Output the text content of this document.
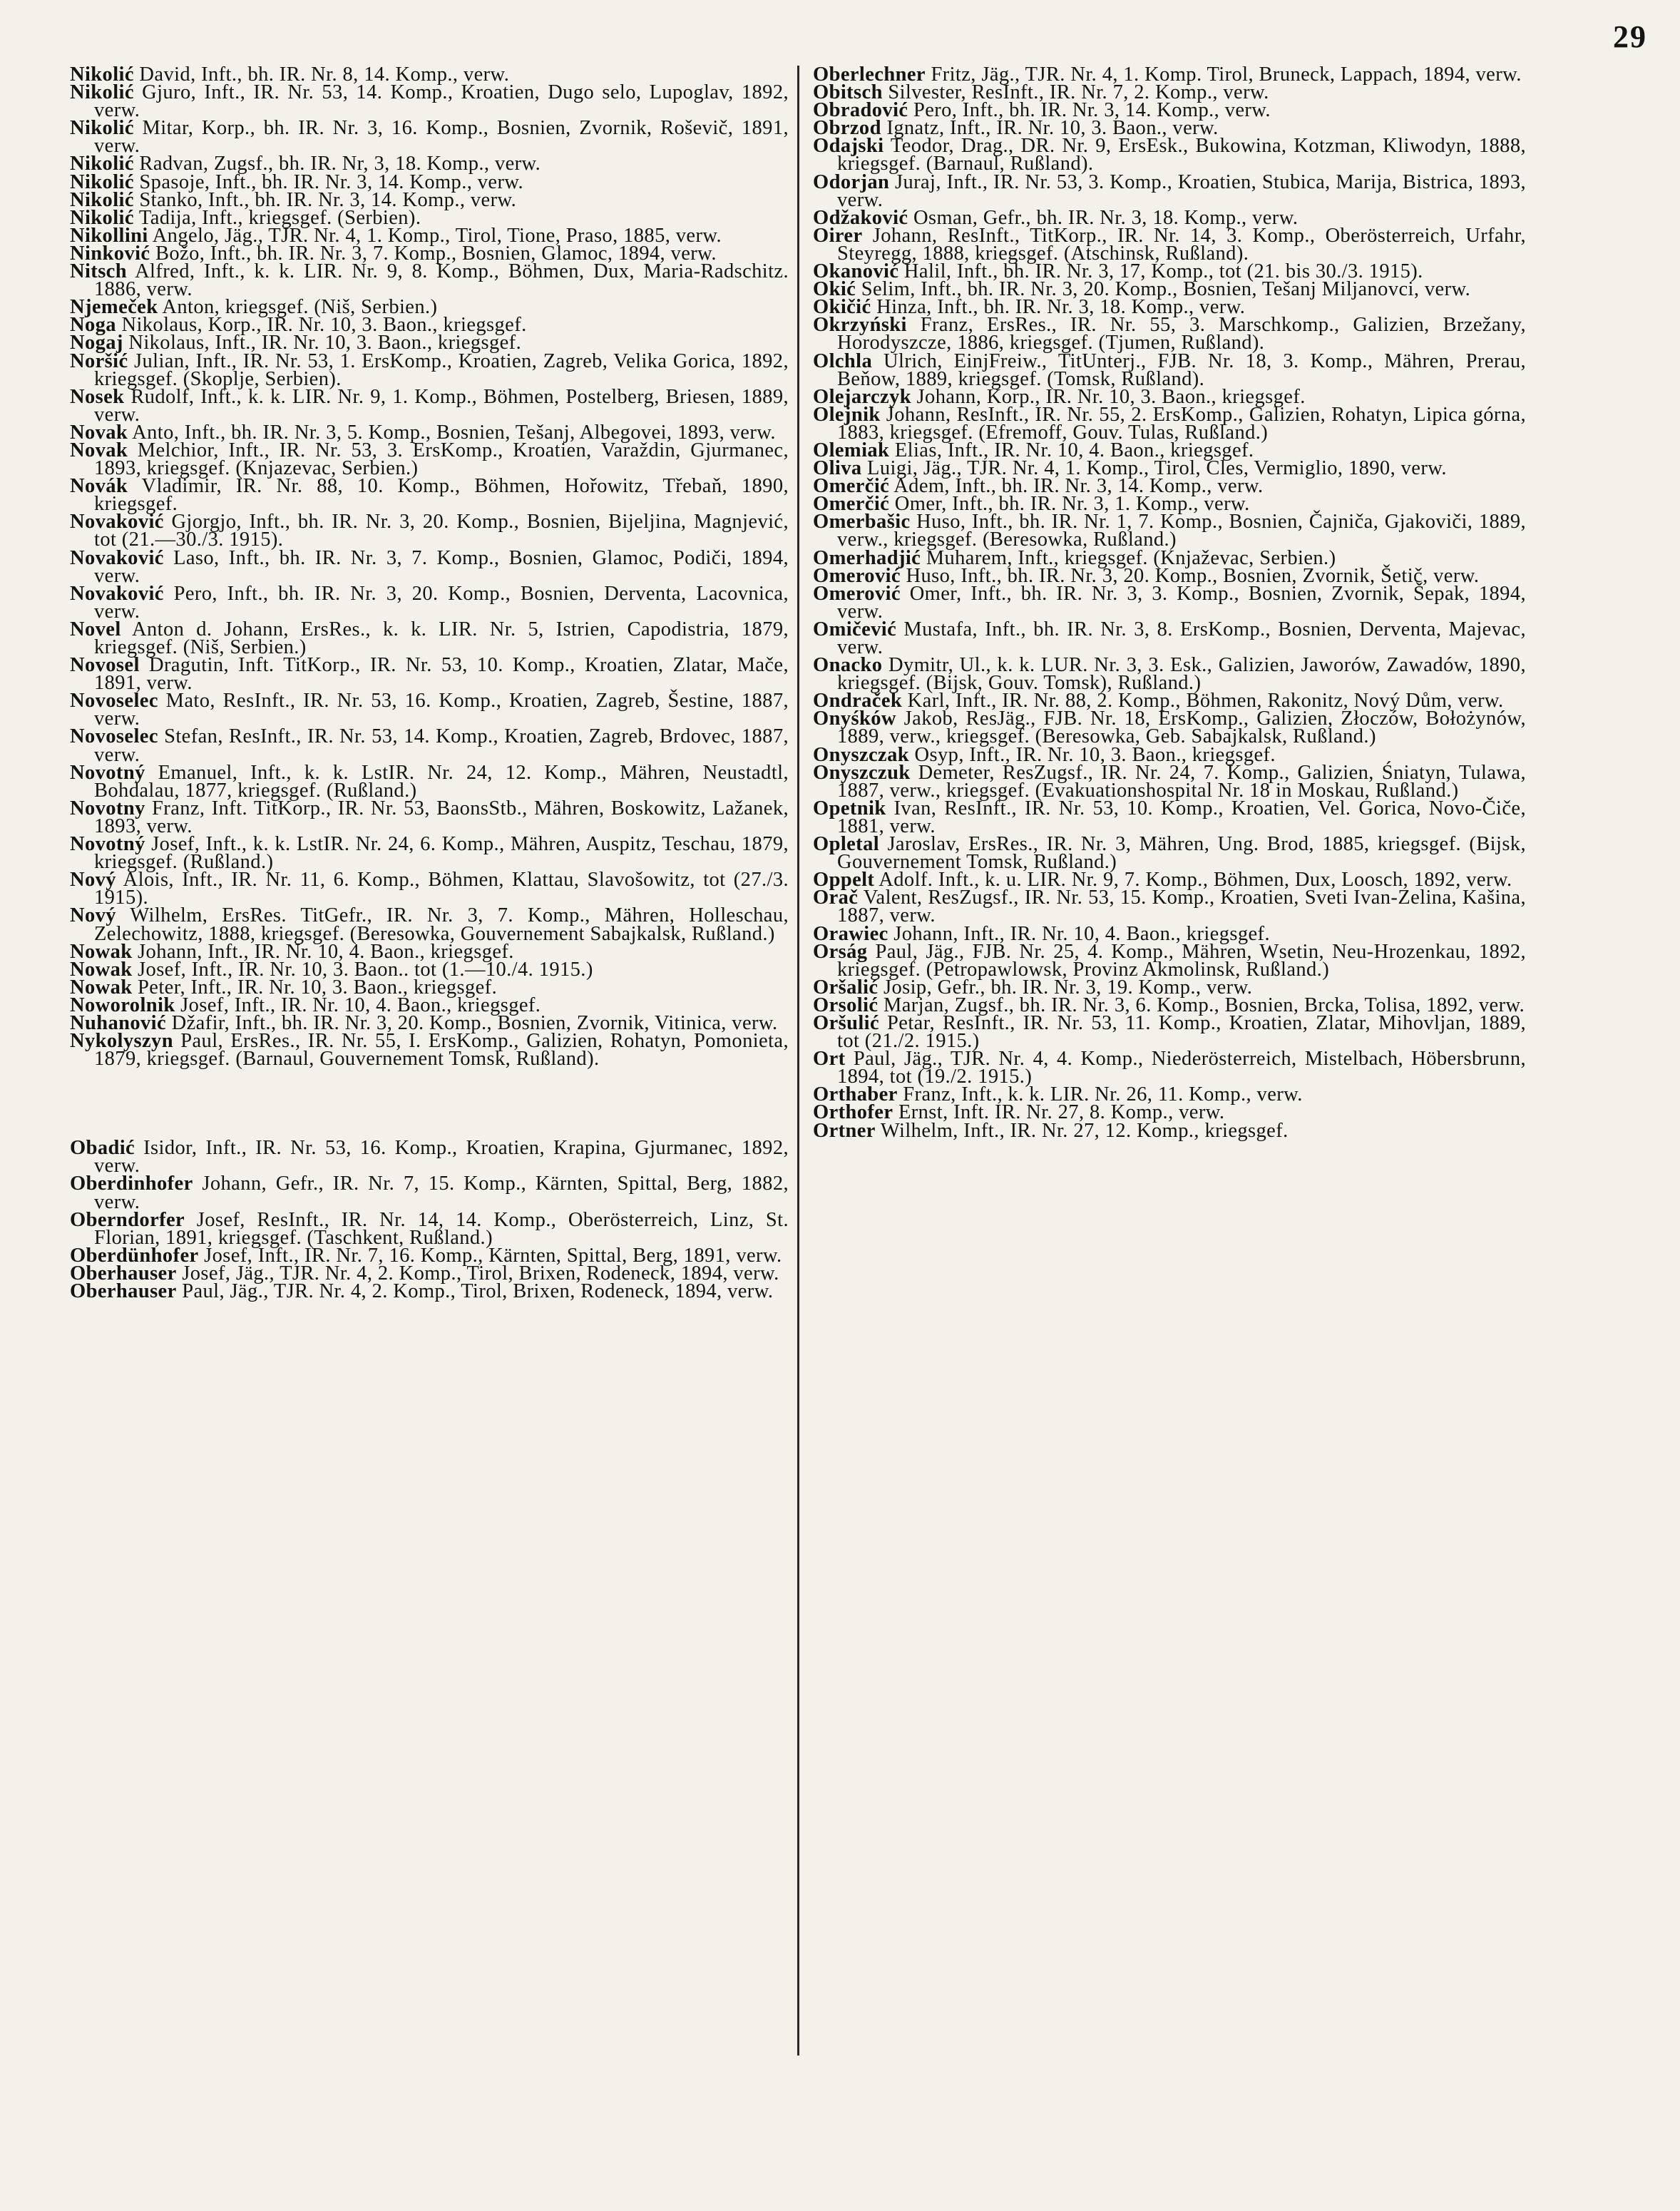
29

Nikolić David, Inft., bh. IR. Nr. 8, 14. Komp., verw.

Nikolić Gjuro, Inft., IR. Nr. 53, 14. Komp., Kroatien, Dugo selo, Lupoglav, 1892, verw.

Nikolić Mitar, Korp., bh. IR. Nr. 3, 16. Komp., Bosnien, Zvornik, Roševič, 1891, verw.

Nikolić Radvan, Zugsf., bh. IR. Nr, 3, 18. Komp., verw.

Nikolić Spasoje, Inft., bh. IR. Nr. 3, 14. Komp., verw.

Nikolić Stanko, Inft., bh. IR. Nr. 3, 14. Komp., verw.

Nikolić Tadija, Inft., kriegsgef. (Serbien).

Nikollini Angelo, Jäg., TJR. Nr. 4, 1. Komp., Tirol, Tione, Praso, 1885, verw.

Ninković Božo, Inft., bh. IR. Nr. 3, 7. Komp., Bosnien, Glamoc, 1894, verw.

Nitsch Alfred, Inft., k. k. LIR. Nr. 9, 8. Komp., Böhmen, Dux, Maria-Radschitz. 1886, verw.

Njemeček Anton, kriegsgef. (Niš, Serbien.)

Noga Nikolaus, Korp., IR. Nr. 10, 3. Baon., kriegsgef.

Nogaj Nikolaus, Inft., IR. Nr. 10, 3. Baon., kriegsgef.

Noršić Julian, Inft., IR. Nr. 53, 1. ErsKomp., Kroatien, Zagreb, Velika Gorica, 1892, kriegsgef. (Skoplje, Serbien).

Nosek Rudolf, Inft., k. k. LIR. Nr. 9, 1. Komp., Böhmen, Postelberg, Briesen, 1889, verw.

Novak Anto, Inft., bh. IR. Nr. 3, 5. Komp., Bosnien, Tešanj, Albegovei, 1893, verw.

Novak Melchior, Inft., IR. Nr. 53, 3. ErsKomp., Kroatien, Varaždin, Gjurmanec, 1893, kriegsgef. (Knjazevac, Serbien.)

Novák Vladimir, IR. Nr. 88, 10. Komp., Böhmen, Hořowitz, Třebaň, 1890, kriegsgef.

Novaković Gjorgjo, Inft., bh. IR. Nr. 3, 20. Komp., Bosnien, Bijeljina, Magnjević, tot (21.—30./3. 1915).

Novaković Laso, Inft., bh. IR. Nr. 3, 7. Komp., Bosnien, Glamoc, Podiči, 1894, verw.

Novaković Pero, Inft., bh. IR. Nr. 3, 20. Komp., Bosnien, Derventa, Lacovnica, verw.

Novel Anton d. Johann, ErsRes., k. k. LIR. Nr. 5, Istrien, Capodistria, 1879, kriegsgef. (Niš, Serbien.)

Novosel Dragutin, Inft. TitKorp., IR. Nr. 53, 10. Komp., Kroatien, Zlatar, Mače, 1891, verw.

Novoselec Mato, ResInft., IR. Nr. 53, 16. Komp., Kroatien, Zagreb, Šestine, 1887, verw.

Novoselec Stefan, ResInft., IR. Nr. 53, 14. Komp., Kroatien, Zagreb, Brdovec, 1887, verw.

Novotný Emanuel, Inft., k. k. LstIR. Nr. 24, 12. Komp., Mähren, Neustadtl, Bohdalau, 1877, kriegsgef. (Rußland.)

Novotny Franz, Inft. TitKorp., IR. Nr. 53, BaonsStb., Mähren, Boskowitz, Lažanek, 1893, verw.

Novotný Josef, Inft., k. k. LstIR. Nr. 24, 6. Komp., Mähren, Auspitz, Teschau, 1879, kriegsgef. (Rußland.)

Nový Alois, Inft., IR. Nr. 11, 6. Komp., Böhmen, Klattau, Slavošowitz, tot (27./3. 1915).

Nový Wilhelm, ErsRes. TitGefr., IR. Nr. 3, 7. Komp., Mähren, Holleschau, Zelechowitz, 1888, kriegsgef. (Beresowka, Gouvernement Sabajkalsk, Rußland.)

Nowak Johann, Inft., IR. Nr. 10, 4. Baon., kriegsgef.

Nowak Josef, Inft., IR. Nr. 10, 3. Baon.. tot (1.—10./4. 1915.)

Nowak Peter, Inft., IR. Nr. 10, 3. Baon., kriegsgef.

Noworolnik Josef, Inft., IR. Nr. 10, 4. Baon., kriegsgef.

Nuhanović Džafir, Inft., bh. IR. Nr. 3, 20. Komp., Bosnien, Zvornik, Vitinica, verw.

Nykolyszyn Paul, ErsRes., IR. Nr. 55, I. ErsKomp., Galizien, Rohatyn, Pomonieta, 1879, kriegsgef. (Barnaul, Gouvernement Tomsk, Rußland).

Obadić Isidor, Inft., IR. Nr. 53, 16. Komp., Kroatien, Krapina, Gjurmanec, 1892, verw.

Oberdinhofer Johann, Gefr., IR. Nr. 7, 15. Komp., Kärnten, Spittal, Berg, 1882, verw.

Oberndorfer Josef, ResInft., IR. Nr. 14, 14. Komp., Oberösterreich, Linz, St. Florian, 1891, kriegsgef. (Taschkent, Rußland.)

Oberdünhofer Josef, Inft., IR. Nr. 7, 16. Komp., Kärnten, Spittal, Berg, 1891, verw.

Oberhauser Josef, Jäg., TJR. Nr. 4, 2. Komp., Tirol, Brixen, Rodeneck, 1894, verw.

Oberhauser Paul, Jäg., TJR. Nr. 4, 2. Komp., Tirol, Brixen, Rodeneck, 1894, verw.

Oberlechner Fritz, Jäg., TJR. Nr. 4, 1. Komp. Tirol, Bruneck, Lappach, 1894, verw.

Obitsch Silvester, ResInft., IR. Nr. 7, 2. Komp., verw.

Obradović Pero, Inft., bh. IR. Nr. 3, 14. Komp., verw.

Obrzod Ignatz, Inft., IR. Nr. 10, 3. Baon., verw.

Odajski Teodor, Drag., DR. Nr. 9, ErsEsk., Bukowina, Kotzman, Kliwodyn, 1888, kriegsgef. (Barnaul, Rußland).

Odorjan Juraj, Inft., IR. Nr. 53, 3. Komp., Kroatien, Stubica, Marija, Bistrica, 1893, verw.

Odžaković Osman, Gefr., bh. IR. Nr. 3, 18. Komp., verw.

Oirer Johann, ResInft., TitKorp., IR. Nr. 14, 3. Komp., Oberösterreich, Urfahr, Steyregg, 1888, kriegsgef. (Atschinsk, Rußland).

Okanović Halil, Inft., bh. IR. Nr. 3, 17, Komp., tot (21. bis 30./3. 1915).

Okić Selim, Inft., bh. IR. Nr. 3, 20. Komp., Bosnien, Tešanj Miljanovci, verw.

Okičić Hinza, Inft., bh. IR. Nr. 3, 18. Komp., verw.

Okrzyński Franz, ErsRes., IR. Nr. 55, 3. Marschkomp., Galizien, Brzežany, Horodyszcze, 1886, kriegsgef. (Tjumen, Rußland).

Olchla Ulrich, EinjFreiw., TitUnterj., FJB. Nr. 18, 3. Komp., Mähren, Prerau, Beňow, 1889, kriegsgef. (Tomsk, Rußland).

Olejarczyk Johann, Korp., IR. Nr. 10, 3. Baon., kriegsgef.

Olejnik Johann, ResInft., IR. Nr. 55, 2. ErsKomp., Galizien, Rohatyn, Lipica górna, 1883, kriegsgef. (Efremoff, Gouv. Tulas, Rußland.)

Olemiak Elias, Inft., IR. Nr. 10, 4. Baon., kriegsgef.

Oliva Luigi, Jäg., TJR. Nr. 4, 1. Komp., Tirol, Cles, Vermiglio, 1890, verw.

Omerčić Adem, Inft., bh. IR. Nr. 3, 14. Komp., verw.

Omerčić Omer, Inft., bh. IR. Nr. 3, 1. Komp., verw.

Omerbašic Huso, Inft., bh. IR. Nr. 1, 7. Komp., Bosnien, Čajniča, Gjakoviči, 1889, verw., kriegsgef. (Beresowka, Rußland.)

Omerhadjić Muharem, Inft., kriegsgef. (Knjaževac, Serbien.)

Omerović Huso, Inft., bh. IR. Nr. 3, 20. Komp., Bosnien, Zvornik, Šetič, verw.

Omerović Omer, Inft., bh. IR. Nr. 3, 3. Komp., Bosnien, Zvornik, Šepak, 1894, verw.

Omičević Mustafa, Inft., bh. IR. Nr. 3, 8. ErsKomp., Bosnien, Derventa, Majevac, verw.

Onacko Dymitr, Ul., k. k. LUR. Nr. 3, 3. Esk., Galizien, Jaworów, Zawadów, 1890, kriegsgef. (Bijsk, Gouv. Tomsk), Rußland.)

Ondraček Karl, Inft., IR. Nr. 88, 2. Komp., Böhmen, Rakonitz, Nový Dům, verw.

Onyśków Jakob, ResJäg., FJB. Nr. 18, ErsKomp., Galizien, Złoczów, Bołożynów, 1889, verw., kriegsgef. (Beresowka, Geb. Sabajkalsk, Rußland.)

Onyszczak Osyp, Inft., IR. Nr. 10, 3. Baon., kriegsgef.

Onyszczuk Demeter, ResZugsf., IR. Nr. 24, 7. Komp., Galizien, Śniatyn, Tulawa, 1887, verw., kriegsgef. (Evakuationshospital Nr. 18 in Moskau, Rußland.)

Opetnik Ivan, ResInft., IR. Nr. 53, 10. Komp., Kroatien, Vel. Gorica, Novo-Čiče, 1881, verw.

Opletal Jaroslav, ErsRes., IR. Nr. 3, Mähren, Ung. Brod, 1885, kriegsgef. (Bijsk, Gouvernement Tomsk, Rußland.)

Oppelt Adolf. Inft., k. u. LIR. Nr. 9, 7. Komp., Böhmen, Dux, Loosch, 1892, verw.

Orač Valent, ResZugsf., IR. Nr. 53, 15. Komp., Kroatien, Sveti Ivan-Zelina, Kašina, 1887, verw.

Orawiec Johann, Inft., IR. Nr. 10, 4. Baon., kriegsgef.

Orság Paul, Jäg., FJB. Nr. 25, 4. Komp., Mähren, Wsetin, Neu-Hrozenkau, 1892, kriegsgef. (Petropawlowsk, Provinz Akmolinsk, Rußland.)

Oršalić Josip, Gefr., bh. IR. Nr. 3, 19. Komp., verw.

Orsolić Marjan, Zugsf., bh. IR. Nr. 3, 6. Komp., Bosnien, Brcka, Tolisa, 1892, verw.

Oršulić Petar, ResInft., IR. Nr. 53, 11. Komp., Kroatien, Zlatar, Mihovljan, 1889, tot (21./2. 1915.)

Ort Paul, Jäg., TJR. Nr. 4, 4. Komp., Niederösterreich, Mistelbach, Höbersbrunn, 1894, tot (19./2. 1915.)

Orthaber Franz, Inft., k. k. LIR. Nr. 26, 11. Komp., verw.

Orthofer Ernst, Inft. IR. Nr. 27, 8. Komp., verw.

Ortner Wilhelm, Inft., IR. Nr. 27, 12. Komp., kriegsgef.
